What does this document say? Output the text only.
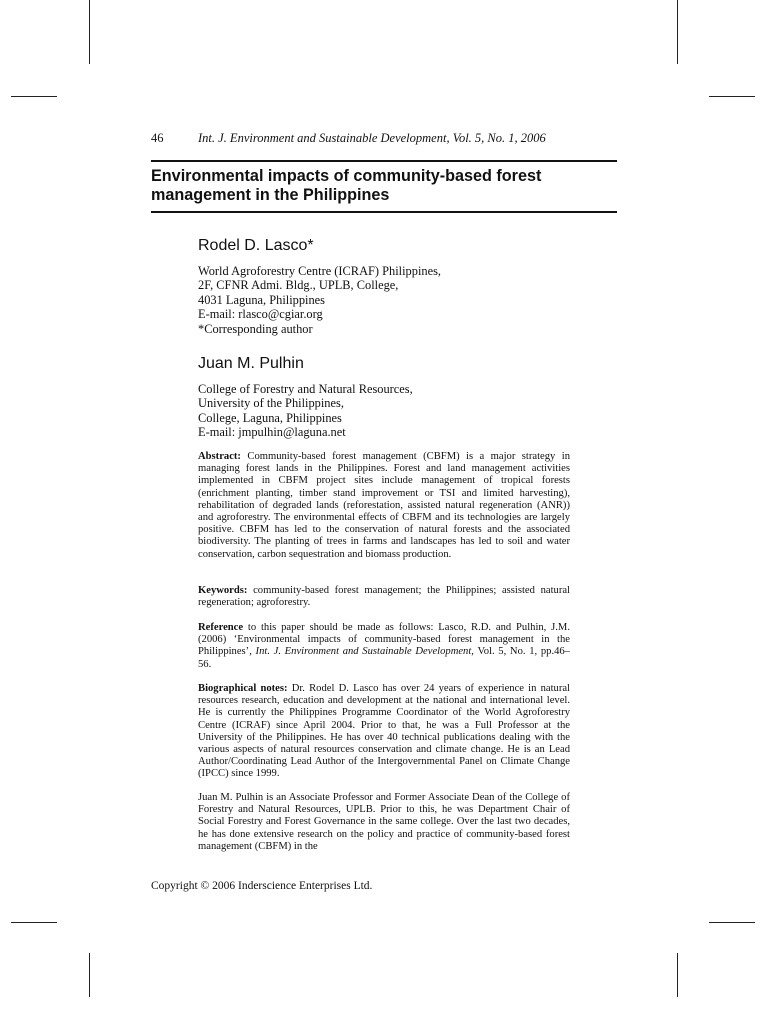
46	Int. J. Environment and Sustainable Development, Vol. 5, No. 1, 2006
Environmental impacts of community-based forest management in the Philippines
Rodel D. Lasco*
World Agroforestry Centre (ICRAF) Philippines,
2F, CFNR Admi. Bldg., UPLB, College,
4031 Laguna, Philippines
E-mail: rlasco@cgiar.org
*Corresponding author
Juan M. Pulhin
College of Forestry and Natural Resources,
University of the Philippines,
College, Laguna, Philippines
E-mail: jmpulhin@laguna.net

Abstract: Community-based forest management (CBFM) is a major strategy in managing forest lands in the Philippines. Forest and land management activities implemented in CBFM project sites include management of tropical forests (enrichment planting, timber stand improvement or TSI and limited harvesting), rehabilitation of degraded lands (reforestation, assisted natural regeneration (ANR)) and agroforestry. The environmental effects of CBFM and its technologies are largely positive. CBFM has led to the conservation of natural forests and the associated biodiversity. The planting of trees in farms and landscapes has led to soil and water conservation, carbon sequestration and biomass production.

Keywords: community-based forest management; the Philippines; assisted natural regeneration; agroforestry.

Reference to this paper should be made as follows: Lasco, R.D. and Pulhin, J.M. (2006) ‘Environmental impacts of community-based forest management in the Philippines’, Int. J. Environment and Sustainable Development, Vol. 5, No. 1, pp.46–56.

Biographical notes: Dr. Rodel D. Lasco has over 24 years of experience in natural resources research, education and development at the national and international level. He is currently the Philippines Programme Coordinator of the World Agroforestry Centre (ICRAF) since April 2004. Prior to that, he was a Full Professor at the University of the Philippines. He has over 40 technical publications dealing with the various aspects of natural resources conservation and climate change. He is an Lead Author/Coordinating Lead Author of the Intergovernmental Panel on Climate Change (IPCC) since 1999.

Juan M. Pulhin is an Associate Professor and Former Associate Dean of the College of Forestry and Natural Resources, UPLB. Prior to this, he was Department Chair of Social Forestry and Forest Governance in the same college. Over the last two decades, he has done extensive research on the policy and practice of community-based forest management (CBFM) in the

Copyright © 2006 Inderscience Enterprises Ltd.
